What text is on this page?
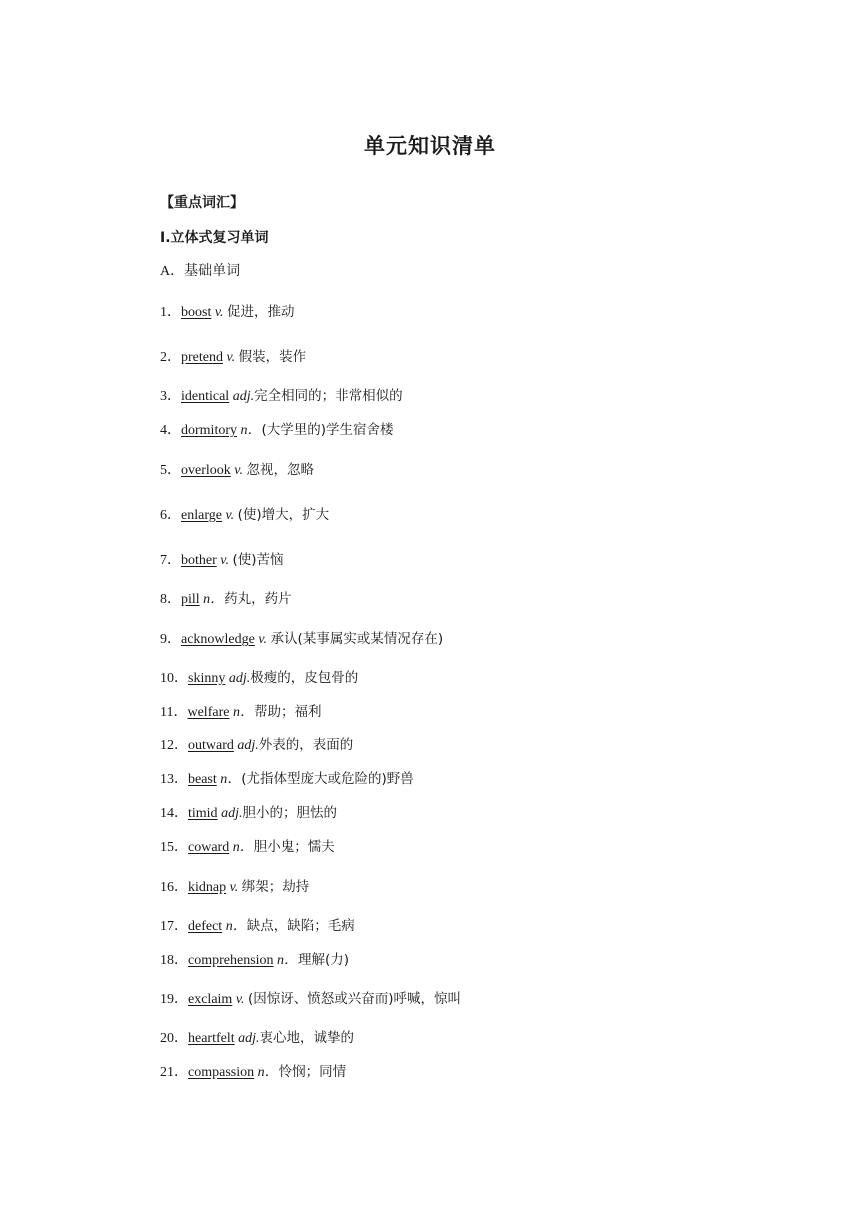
单元知识清单
【重点词汇】
Ⅰ.立体式复习单词
A．基础单词
1．boost v. 促进，推动
2．pretend v. 假装，装作
3．identical adj.完全相同的；非常相似的
4．dormitory n．(大学里的)学生宿舍楼
5．overlook v. 忽视，忽略
6．enlarge v. (使)增大，扩大
7．bother v. (使)苦恼
8．pill n．药丸，药片
9．acknowledge v. 承认(某事属实或某情况存在)
10．skinny adj.极瘦的，皮包骨的
11．welfare n．帮助；福利
12．outward adj.外表的，表面的
13．beast n．(尤指体型庞大或危险的)野兽
14．timid adj.胆小的；胆怯的
15．coward n．胆小鬼；懦夫
16．kidnap v. 绑架；劫持
17．defect n．缺点，缺陷；毛病
18．comprehension n．理解(力)
19．exclaim v. (因惊讶、愤怒或兴奋而)呼喊，惊叫
20．heartfelt adj.衷心地，诚挚的
21．compassion n．怜悯；同情
